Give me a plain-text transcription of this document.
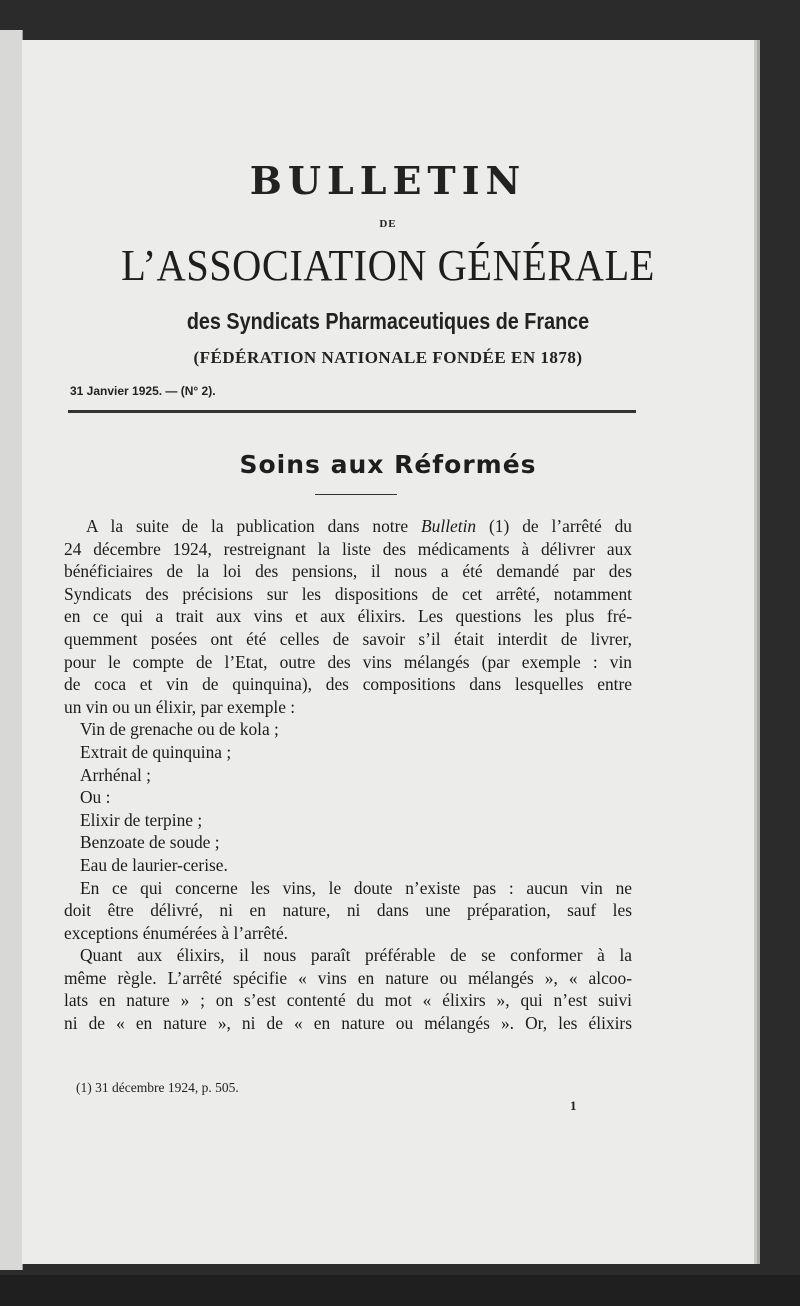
BULLETIN
DE
L’ASSOCIATION GÉNÉRALE
des Syndicats Pharmaceutiques de France
(FÉDÉRATION NATIONALE FONDÉE EN 1878)
31 Janvier 1925. — (N° 2).
Soins aux Réformés
A la suite de la publication dans notre Bulletin (1) de l’arrêté du
24 décembre 1924, restreignant la liste des médicaments à délivrer aux
bénéficiaires de la loi des pensions, il nous a été demandé par des
Syndicats des précisions sur les dispositions de cet arrêté, notamment
en ce qui a trait aux vins et aux élixirs. Les questions les plus fré-
quemment posées ont été celles de savoir s’il était interdit de livrer,
pour le compte de l’Etat, outre des vins mélangés (par exemple : vin
de coca et vin de quinquina), des compositions dans lesquelles entre
un vin ou un élixir, par exemple :
Vin de grenache ou de kola ;
Extrait de quinquina ;
Arrhénal ;
Ou :
Elixir de terpine ;
Benzoate de soude ;
Eau de laurier-cerise.
En ce qui concerne les vins, le doute n’existe pas : aucun vin ne
doit être délivré, ni en nature, ni dans une préparation, sauf les
exceptions énumérées à l’arrêté.
Quant aux élixirs, il nous paraît préférable de se conformer à la
même règle. L’arrêté spécifie « vins en nature ou mélangés », « alcoo-
lats en nature » ; on s’est contenté du mot « élixirs », qui n’est suivi
ni de « en nature », ni de « en nature ou mélangés ». Or, les élixirs
(1) 31 décembre 1924, p. 505.
1
